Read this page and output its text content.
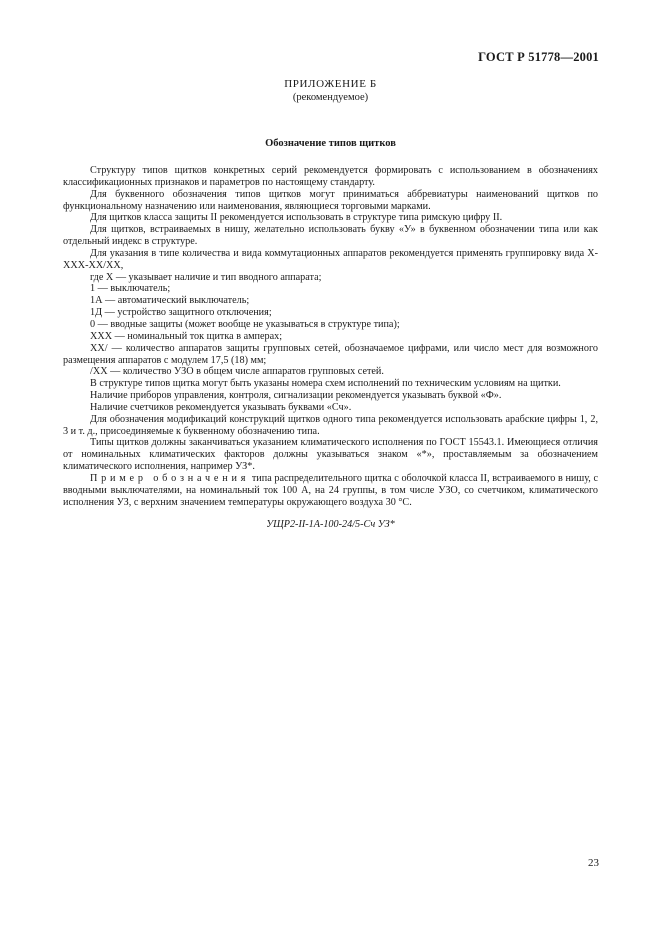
ГОСТ Р 51778—2001
ПРИЛОЖЕНИЕ Б
(рекомендуемое)
Обозначение типов щитков

Структуру типов щитков конкретных серий рекомендуется формировать с использованием в обозначениях классификационных признаков и параметров по настоящему стандарту.

Для буквенного обозначения типов щитков могут приниматься аббревиатуры наименований щитков по функциональному назначению или наименования, являющиеся торговыми марками.

Для щитков класса защиты II рекомендуется использовать в структуре типа римскую цифру II.

Для щитков, встраиваемых в нишу, желательно использовать букву «У» в буквенном обозначении типа или как отдельный индекс в структуре.

Для указания в типе количества и вида коммутационных аппаратов рекомендуется применять группировку вида Х-ХХХ-ХХ/ХХ,

где Х — указывает наличие и тип вводного аппарата;

1 — выключатель;

1А — автоматический выключатель;

1Д — устройство защитного отключения;

0 — вводные защиты (может вообще не указываться в структуре типа);

ХХХ — номинальный ток щитка в амперах;

ХХ/ — количество аппаратов защиты групповых сетей, обозначаемое цифрами, или число мест для возможного размещения аппаратов с модулем 17,5 (18) мм;

/ХХ — количество УЗО в общем числе аппаратов групповых сетей.

В структуре типов щитка могут быть указаны номера схем исполнений по техническим условиям на щитки.

Наличие приборов управления, контроля, сигнализации рекомендуется указывать буквой «Ф».

Наличие счетчиков рекомендуется указывать буквами «Сч».

Для обозначения модификаций конструкций щитков одного типа рекомендуется использовать арабские цифры 1, 2, 3 и т. д., присоединяемые к буквенному обозначению типа.

Типы щитков должны заканчиваться указанием климатического исполнения по ГОСТ 15543.1. Имеющиеся отличия от номинальных климатических факторов должны указываться знаком «*», проставляемым за обозначением климатического исполнения, например УЗ*.

Пример обозначения типа распределительного щитка с оболочкой класса II, встраиваемого в нишу, с вводными выключателями, на номинальный ток 100 А, на 24 группы, в том числе УЗО, со счетчиком, климатического исполнения УЗ, с верхним значением температуры окружающего воздуха 30 °С.

УЩР2-II-1А-100-24/5-Сч УЗ*

23
